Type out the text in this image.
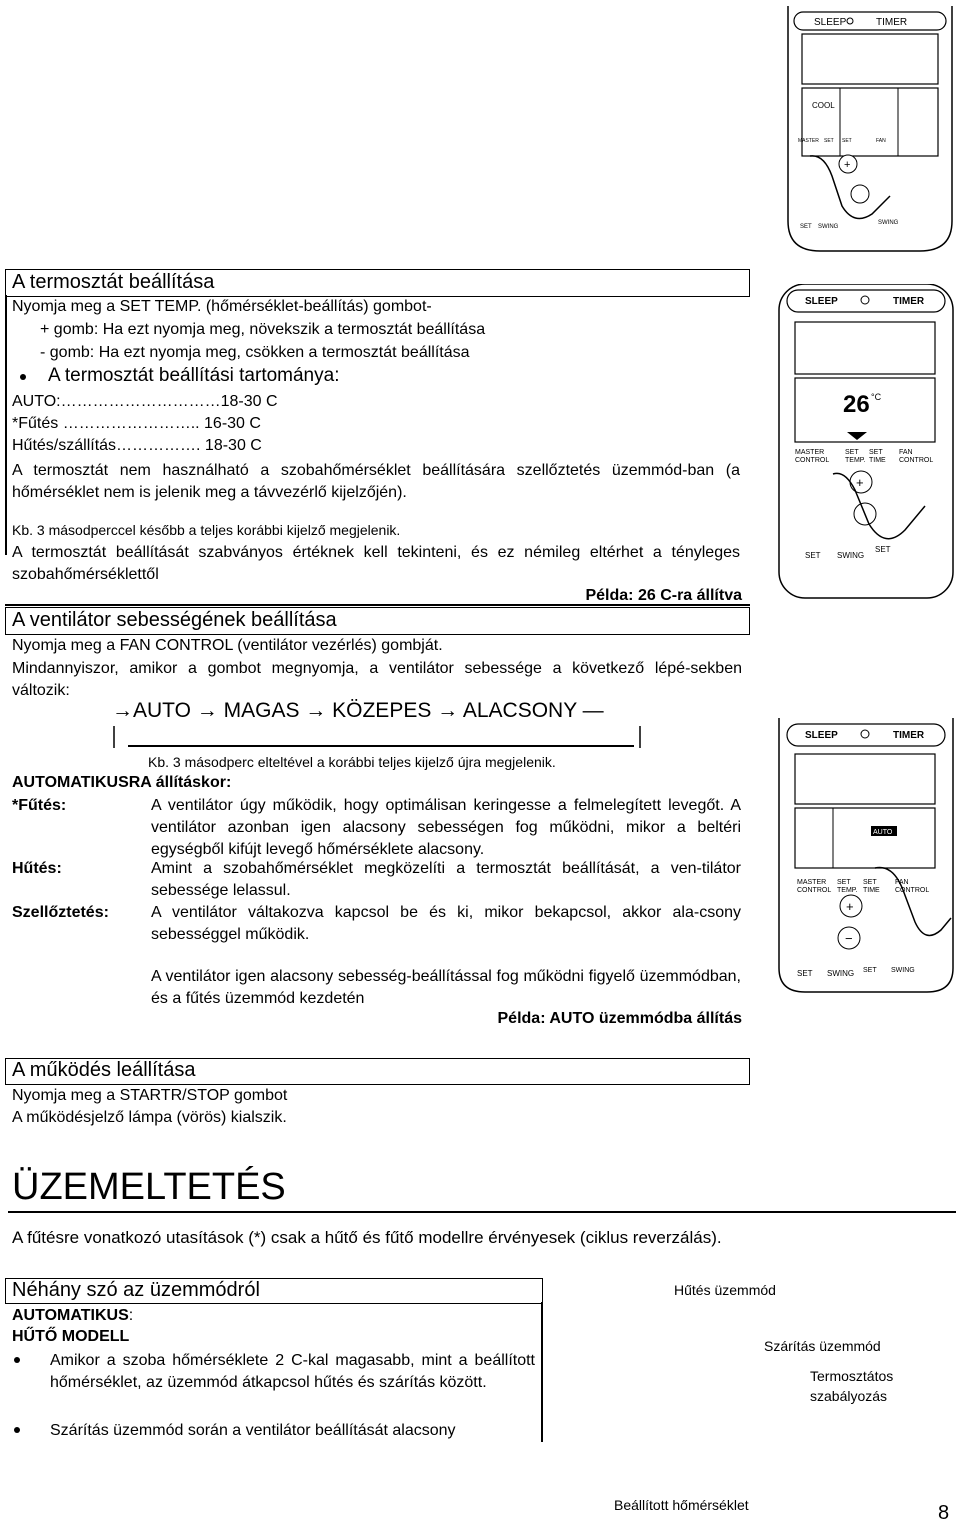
A termosztát beállítása
Nyomja meg a SET TEMP. (hőmérséklet-beállítás) gombot-
+ gomb: Ha ezt nyomja meg, növekszik a termosztát beállítása
- gomb: Ha ezt nyomja meg, csökken a termosztát beállítása
A termosztát beállítási tartománya:
AUTO:…………………………18-30 C
*Fűtés …………………….. 16-30 C
Hűtés/szállítás……………. 18-30 C
A termosztát nem használható a szobahőmérséklet beállítására szellőztetés üzemmód-ban (a hőmérséklet nem is jelenik meg a távvezérlő kijelzőjén).
Kb. 3 másodperccel később a teljes korábbi kijelző megjelenik.
A termosztát beállítását szabványos értéknek kell tekinteni, és ez némileg eltérhet a tényleges szobahőmérséklettől
Példa: 26 C-ra állítva
A ventilátor sebességének beállítása
Nyomja meg a FAN CONTROL (ventilátor vezérlés) gombját.
Mindannyiszor, amikor a gombot megnyomja, a ventilátor sebessége a következő lépé-sekben változik:
→AUTO → MAGAS → KÖZEPES → ALACSONY —
Kb. 3 másodperc elteltével a korábbi teljes kijelző újra megjelenik.
AUTOMATIKUSRA állításkor:
*Fűtés:	A ventilátor úgy működik, hogy optimálisan keringesse a felmelegített levegőt. A ventilátor azonban igen alacsony sebességen fog működni, mikor a beltéri egységből kifújt levegő hőmérséklete alacsony.
Hűtés:	Amint a szobahőmérséklet megközelíti a termosztát beállítását, a ven-tilátor sebessége lelassul.
Szellőztetés:	A ventilátor váltakozva kapcsol be és ki, mikor bekapcsol, akkor ala-csony sebességgel működik.
A ventilátor igen alacsony sebesség-beállítással fog működni figyelő üzemmódban, és a fűtés üzemmód kezdetén
Példa: AUTO üzemmódba állítás
A működés leállítása
Nyomja meg a STARTR/STOP gombot
A működésjelző lámpa (vörös) kialszik.
ÜZEMELTETÉS
A fűtésre vonatkozó utasítások (*) csak a hűtő és fűtő modellre érvényesek (ciklus reverzálás).
Néhány szó az üzemmódról
AUTOMATIKUS:
HŰTŐ MODELL
Amikor a szoba hőmérséklete 2 C-kal magasabb, mint a beállított hőmérséklet, az üzemmód átkapcsol hűtés és szárítás között.
Szárítás üzemmód során a ventilátor beállítását alacsony
Hűtés üzemmód
Szárítás üzemmód
Termosztátos
szabályozás
Beállított hőmérséklet	8
SLEEP	TIMER
COOL
MASTER SET SET	FAN
+
SET SWING
SWING
SLEEP	TIMER
26 °C
MASTER
CONTROL
SET
TEMP.
SET
TIME
FAN
CONTROL
+
SET SWING
SET
SLEEP	TIMER
AUTO
MASTER
CONTROL
SET
TEMP.
SET
TIME
FAN
CONTROL
+
−
SET SWING SET SWING
